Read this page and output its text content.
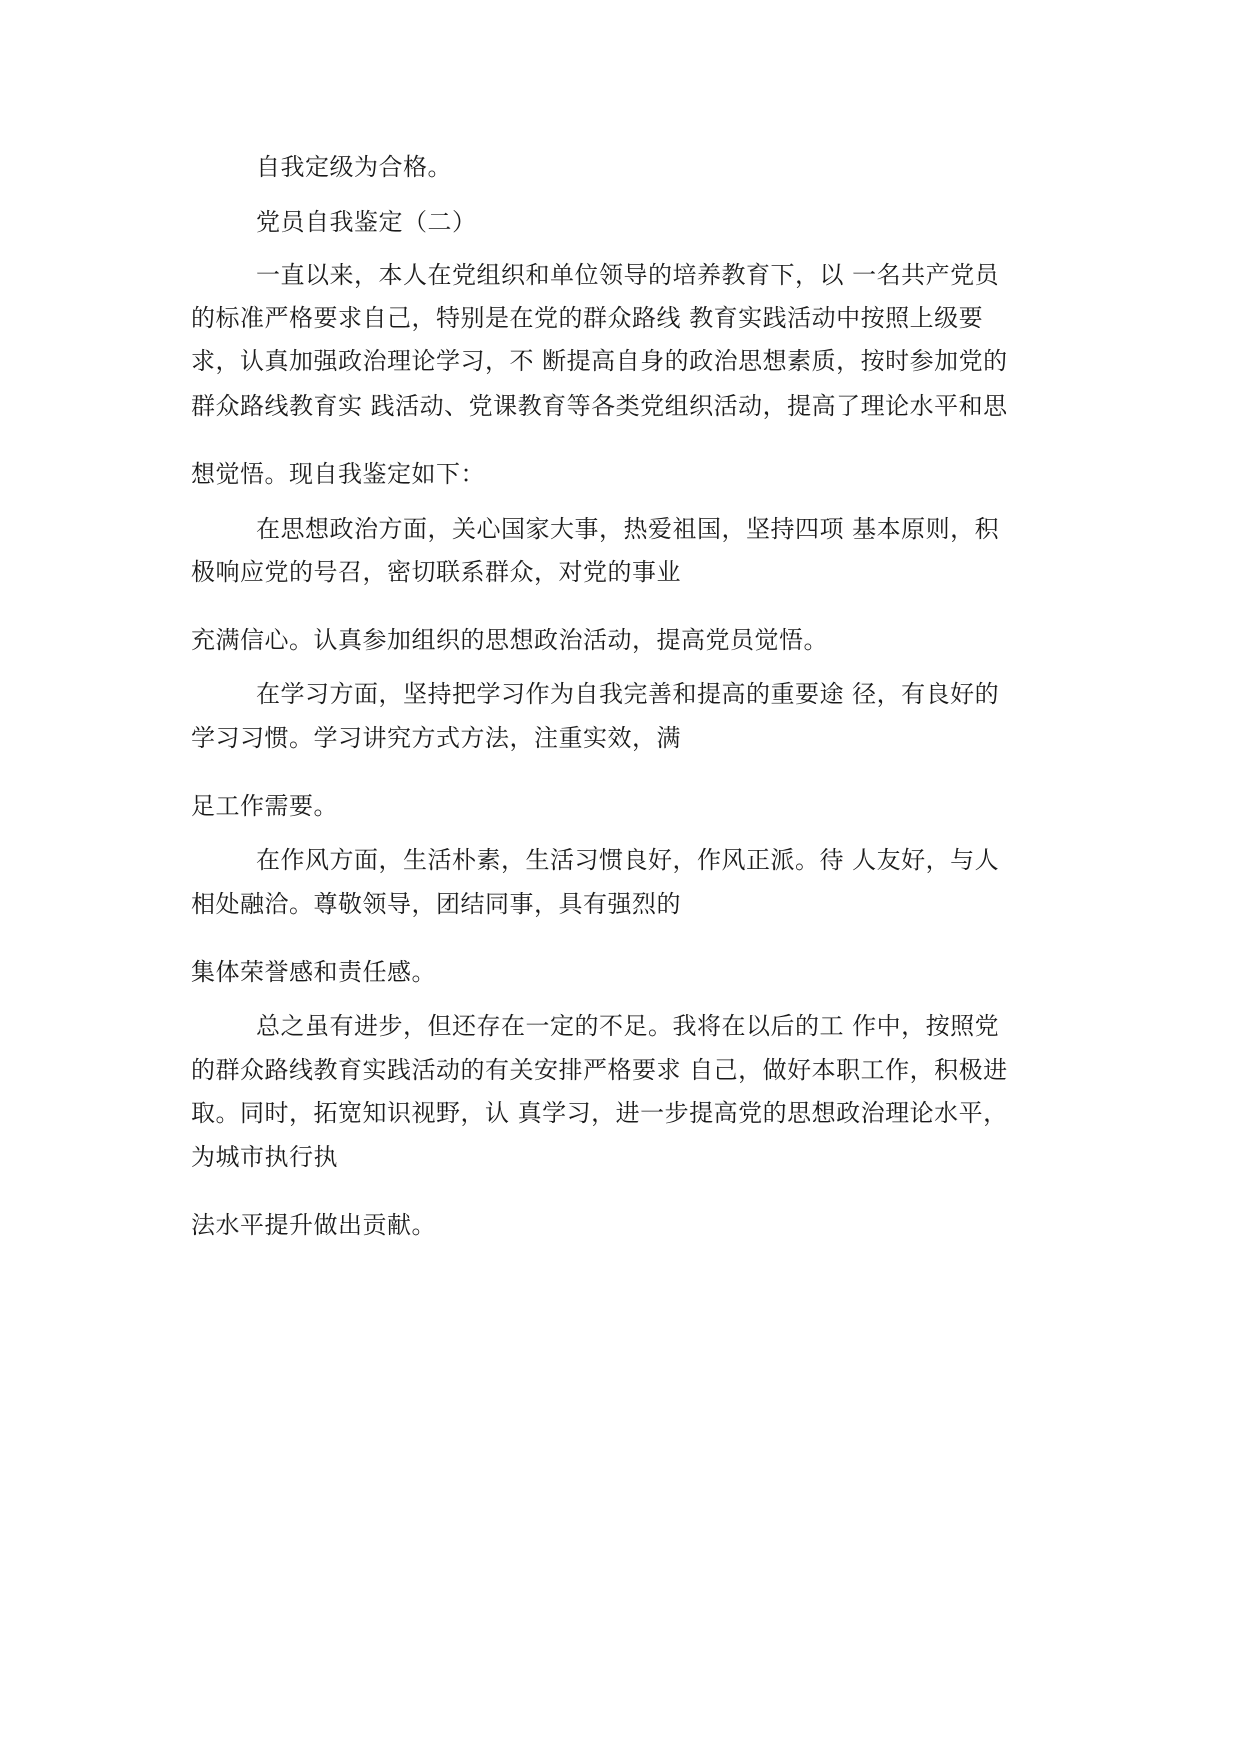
自我定级为合格。
党员自我鉴定（二）
一直以来，本人在党组织和单位领导的培养教育下，以 一名共产党员
的标准严格要求自己，特别是在党的群众路线 教育实践活动中按照上级要
求，认真加强政治理论学习，不 断提高自身的政治思想素质，按时参加党的
群众路线教育实 践活动、党课教育等各类党组织活动，提高了理论水平和思
想觉悟。现自我鉴定如下：
在思想政治方面，关心国家大事，热爱祖国，坚持四项 基本原则，积
极响应党的号召，密切联系群众，对党的事业
充满信心。认真参加组织的思想政治活动，提高党员觉悟。
在学习方面，坚持把学习作为自我完善和提高的重要途 径，有良好的
学习习惯。学习讲究方式方法，注重实效，满
足工作需要。
在作风方面，生活朴素，生活习惯良好，作风正派。待 人友好，与人
相处融洽。尊敬领导，团结同事，具有强烈的
集体荣誉感和责任感。
总之虽有进步，但还存在一定的不足。我将在以后的工 作中，按照党
的群众路线教育实践活动的有关安排严格要求 自己，做好本职工作，积极进
取。同时，拓宽知识视野，认 真学习，进一步提高党的思想政治理论水平，
为城市执行执
法水平提升做出贡献。
